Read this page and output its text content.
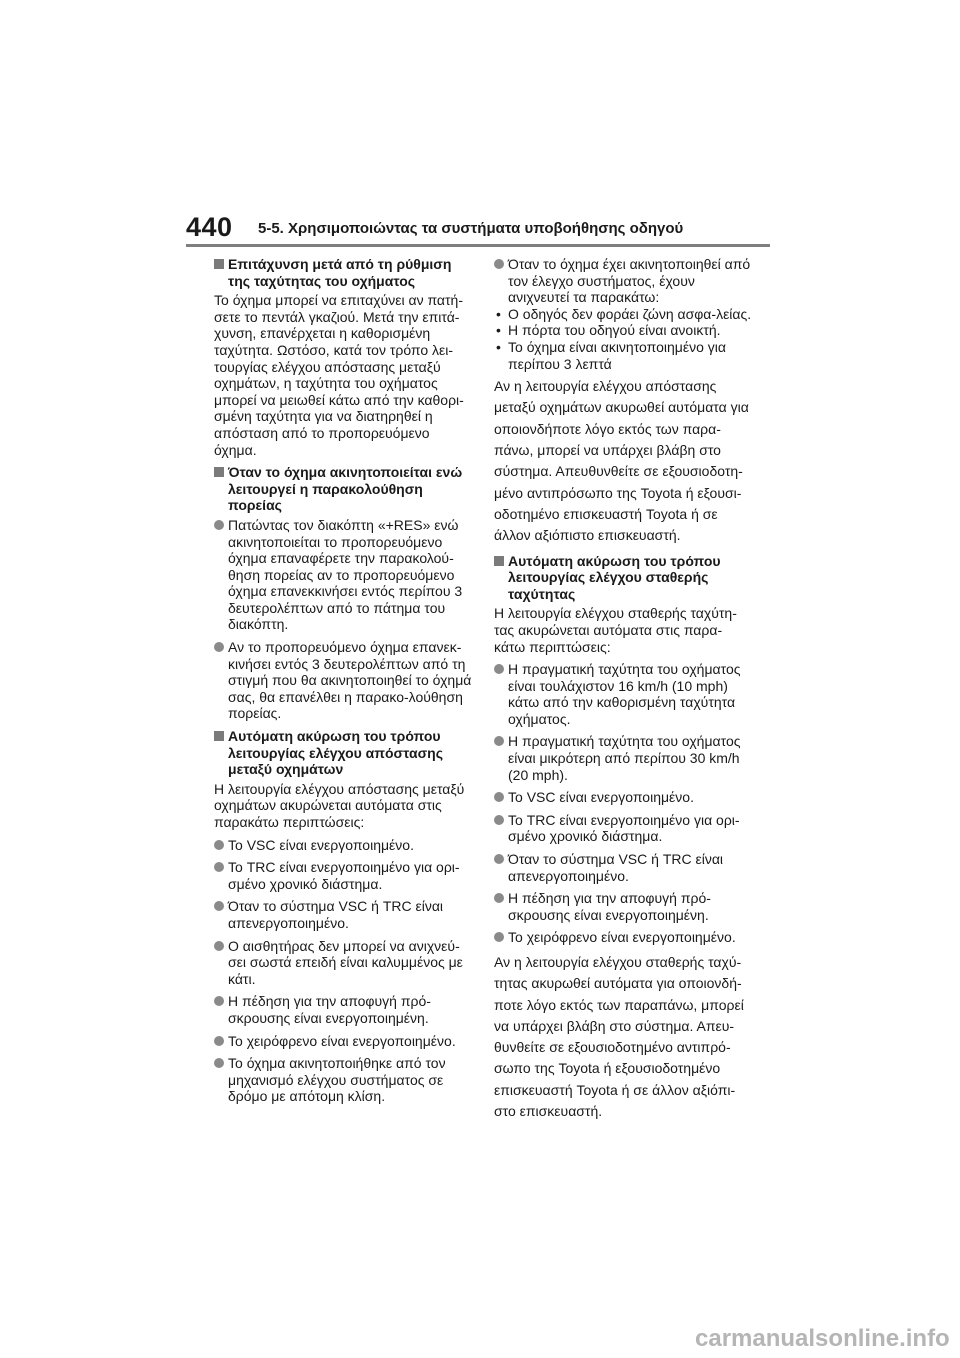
440 5-5. Χρησιμοποιώντας τα συστήματα υποβοήθησης οδηγού
Επιτάχυνση μετά από τη ρύθμιση της ταχύτητας του οχήματος

Το όχημα μπορεί να επιταχύνει αν πατή-σετε το πεντάλ γκαζιού. Μετά την επιτά-χυνση, επανέρχεται η καθορισμένη ταχύτητα. Ωστόσο, κατά τον τρόπο λει-τουργίας ελέγχου απόστασης μεταξύ οχημάτων, η ταχύτητα του οχήματος μπορεί να μειωθεί κάτω από την καθορι-σμένη ταχύτητα για να διατηρηθεί η απόσταση από το προπορευόμενο όχημα.

Όταν το όχημα ακινητοποιείται ενώ λειτουργεί η παρακολούθηση πορείας
Πατώντας τον διακόπτη «+RES» ενώ ακινητοποιείται το προπορευόμενο όχημα επαναφέρετε την παρακολού-θηση πορείας αν το προπορευόμενο όχημα επανεκκινήσει εντός περίπου 3 δευτερολέπτων από το πάτημα του διακόπτη.
Αν το προπορευόμενο όχημα επανεκ-κινήσει εντός 3 δευτερολέπτων από τη στιγμή που θα ακινητοποιηθεί το όχημά σας, θα επανέλθει η παρακο-λούθηση πορείας.
Αυτόματη ακύρωση του τρόπου λειτουργίας ελέγχου απόστασης μεταξύ οχημάτων

Η λειτουργία ελέγχου απόστασης μεταξύ οχημάτων ακυρώνεται αυτόματα στις παρακάτω περιπτώσεις:

Το VSC είναι ενεργοποιημένο.
Το TRC είναι ενεργοποιημένο για ορι-σμένο χρονικό διάστημα.
Όταν το σύστημα VSC ή TRC είναι απενεργοποιημένο.
Ο αισθητήρας δεν μπορεί να ανιχνεύ-σει σωστά επειδή είναι καλυμμένος με κάτι.
Η πέδηση για την αποφυγή πρό-σκρουσης είναι ενεργοποιημένη.
Το χειρόφρενο είναι ενεργοποιημένο.
Το όχημα ακινητοποιήθηκε από τον μηχανισμό ελέγχου συστήματος σε δρόμο με απότομη κλίση.
Όταν το όχημα έχει ακινητοποιηθεί από τον έλεγχο συστήματος, έχουν ανιχνευτεί τα παρακάτω:
• Ο οδηγός δεν φοράει ζώνη ασφα-λείας.
• Η πόρτα του οδηγού είναι ανοικτή.
• Το όχημα είναι ακινητοποιημένο για περίπου 3 λεπτά

Αν η λειτουργία ελέγχου απόστασης μεταξύ οχημάτων ακυρωθεί αυτόματα για οποιονδήποτε λόγο εκτός των παρα-πάνω, μπορεί να υπάρχει βλάβη στο σύστημα. Απευθυνθείτε σε εξουσιοδοτη-μένο αντιπρόσωπο της Toyota ή εξουσι-οδοτημένο επισκευαστή Toyota ή σε άλλον αξιόπιστο επισκευαστή.

Αυτόματη ακύρωση του τρόπου λειτουργίας ελέγχου σταθερής ταχύτητας

Η λειτουργία ελέγχου σταθερής ταχύτη-τας ακυρώνεται αυτόματα στις παρα-κάτω περιπτώσεις:

Η πραγματική ταχύτητα του οχήματος είναι τουλάχιστον 16 km/h (10 mph) κάτω από την καθορισμένη ταχύτητα οχήματος.
Η πραγματική ταχύτητα του οχήματος είναι μικρότερη από περίπου 30 km/h (20 mph).
Το VSC είναι ενεργοποιημένο.
Το TRC είναι ενεργοποιημένο για ορι-σμένο χρονικό διάστημα.
Όταν το σύστημα VSC ή TRC είναι απενεργοποιημένο.
Η πέδηση για την αποφυγή πρό-σκρουσης είναι ενεργοποιημένη.
Το χειρόφρενο είναι ενεργοποιημένο.

Αν η λειτουργία ελέγχου σταθερής ταχύ-τητας ακυρωθεί αυτόματα για οποιονδή-ποτε λόγο εκτός των παραπάνω, μπορεί να υπάρχει βλάβη στο σύστημα. Απευ-θυνθείτε σε εξουσιοδοτημένο αντιπρό-σωπο της Toyota ή εξουσιοδοτημένο επισκευαστή Toyota ή σε άλλον αξιόπι-στο επισκευαστή.

carmanualsonline.info
